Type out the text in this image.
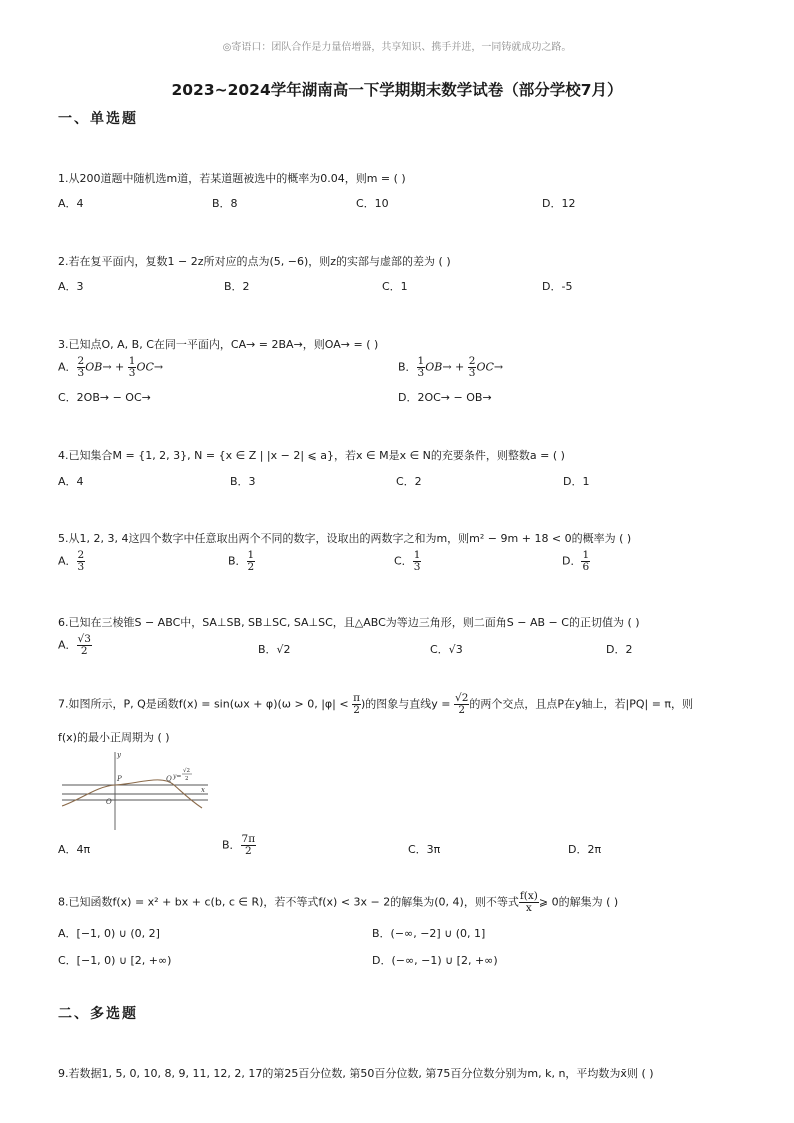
◎寄语口：团队合作是力量倍增器，共享知识、携手并进，一同铸就成功之路。
2023~2024学年湖南高一下学期期末数学试卷（部分学校7月）
一、单选题
1.从200道题中随机选m道，若某道题被选中的概率为0.04，则m = ( )
A．4	B．8	C．10	D．12
2.若在复平面内，复数1 − 2z所对应的点为(5, −6)，则z的实部与虚部的差为 ( )
A．3	B．2	C．1	D．-5
3.已知点O, A, B, C在同一平面内，CA→ = 2BA→，则OA→ = ( )
A． $\frac{2}{3} OB\to + \frac{1}{3} OC\to$	B． $\frac{1}{3} OB\to + \frac{2}{3} OC\to$
C．2OB→ − OC→	D．2OC→ − OB→
4.已知集合M = {1, 2, 3}, N = {x ∈ Z | |x − 2| ⩽ a}，若x ∈ M是x ∈ N的充要条件，则整数a = ( )
A．4	B．3	C．2	D．1
5.从1, 2, 3, 4这四个数字中任意取出两个不同的数字，设取出的两数字之和为m，则m² − 9m + 18 < 0的概率为 ( )
A． $\frac{2}{3}$	B． $\frac{1}{2}$	C． $\frac{1}{3}$	D． $\frac{1}{6}$
6.已知在三棱锥S − ABC中，SA⊥SB, SB⊥SC, SA⊥SC，且△ABC为等边三角形，则二面角S − AB − C的正切值为 ( )
A． $\frac{√3}{2}$	B．√2	C．√3	D．2
7.如图所示，P, Q是函数f(x) = sin(ωx + φ)(ω > 0, $|\varphi| < \frac{\pi}{2}$ )的图象与直线$y = \frac{√2}{2}$ 的两个交点，且点P在y轴上，若|PQ| = π，则
f(x)的最小正周期为 ( )
y
x
O
P	Q y=
√2
2
A．4π	B． $\frac{7\pi}{2}$	C．3π	D．2π
8.已知函数f(x) = x² + bx + c(b, c ∈ R)，若不等式f(x) < 3x − 2的解集为(0, 4)，则不等式 $\frac{f(x)}{x}$ ⩾ 0的解集为 ( )
A．[−1, 0) ∪ (0, 2]	B．(−∞, −2] ∪ (0, 1]
C．[−1, 0) ∪ [2, +∞)	D．(−∞, −1) ∪ [2, +∞)
二、多选题
9.若数据1, 5, 0, 10, 8, 9, 11, 12, 2, 17的第25百分位数, 第50百分位数, 第75百分位数分别为m, k, n，平均数为x̄则 ( )
